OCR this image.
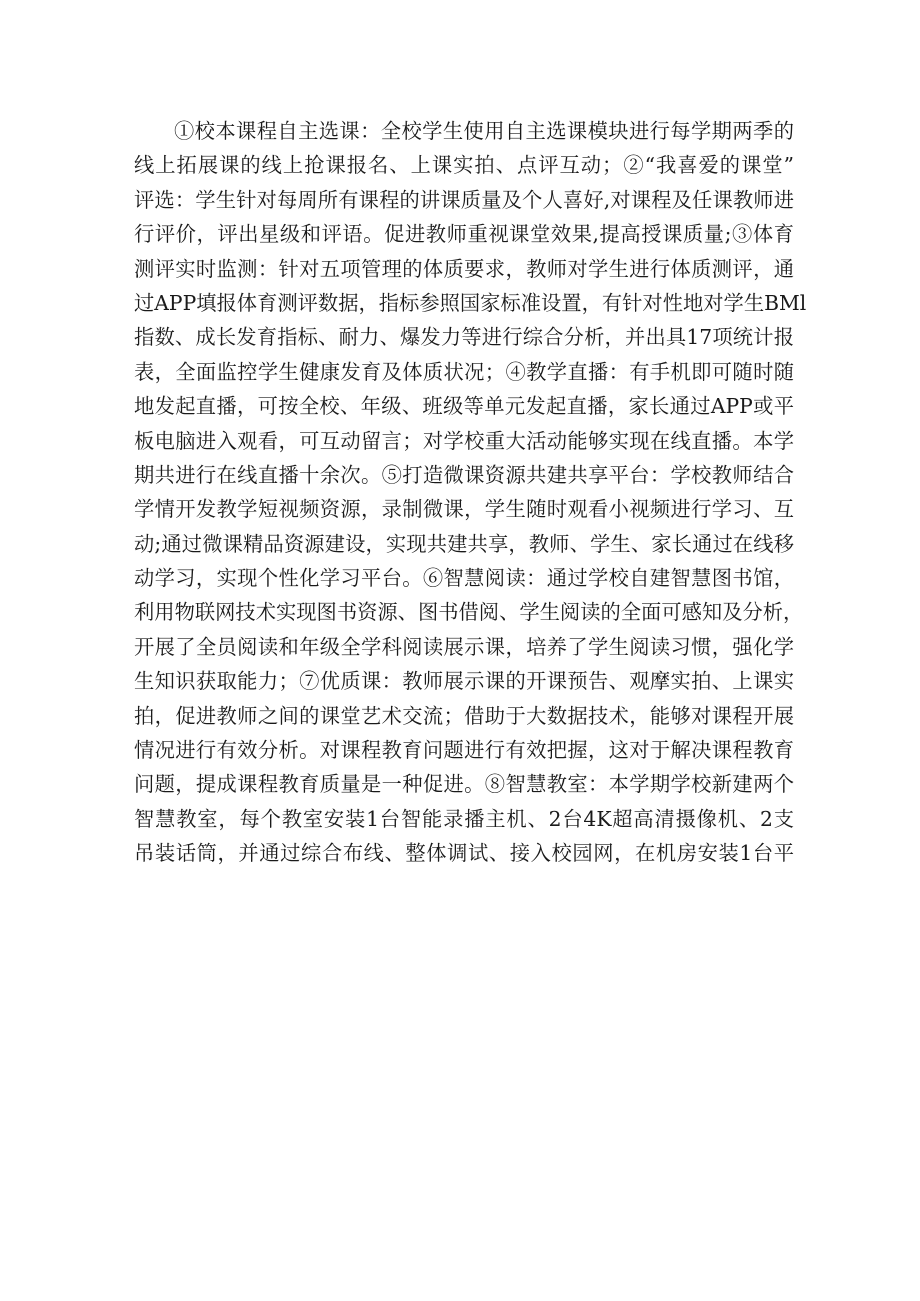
①校本课程自主选课：全校学生使用自主选课模块进行每学期两季的
线上拓展课的线上抢课报名、上课实拍、点评互动；②“我喜爱的课堂”
评选：学生针对每周所有课程的讲课质量及个人喜好,对课程及任课教师进
行评价，评出星级和评语。促进教师重视课堂效果,提高授课质量;③体育
测评实时监测：针对五项管理的体质要求，教师对学生进行体质测评，通
过APP填报体育测评数据，指标参照国家标准设置，有针对性地对学生BMl
指数、成长发育指标、耐力、爆发力等进行综合分析，并出具17项统计报
表，全面监控学生健康发育及体质状况；④教学直播：有手机即可随时随
地发起直播，可按全校、年级、班级等单元发起直播，家长通过APP或平
板电脑进入观看，可互动留言；对学校重大活动能够实现在线直播。本学
期共进行在线直播十余次。⑤打造微课资源共建共享平台：学校教师结合
学情开发教学短视频资源，录制微课，学生随时观看小视频进行学习、互
动;通过微课精品资源建设，实现共建共享，教师、学生、家长通过在线移
动学习，实现个性化学习平台。⑥智慧阅读：通过学校自建智慧图书馆，
利用物联网技术实现图书资源、图书借阅、学生阅读的全面可感知及分析，
开展了全员阅读和年级全学科阅读展示课，培养了学生阅读习惯，强化学
生知识获取能力；⑦优质课：教师展示课的开课预告、观摩实拍、上课实
拍，促进教师之间的课堂艺术交流；借助于大数据技术，能够对课程开展
情况进行有效分析。对课程教育问题进行有效把握，这对于解决课程教育
问题，提成课程教育质量是一种促进。⑧智慧教室：本学期学校新建两个
智慧教室，每个教室安装1台智能录播主机、2台4K超高清摄像机、2支
吊装话筒，并通过综合布线、整体调试、接入校园网，在机房安装1台平
